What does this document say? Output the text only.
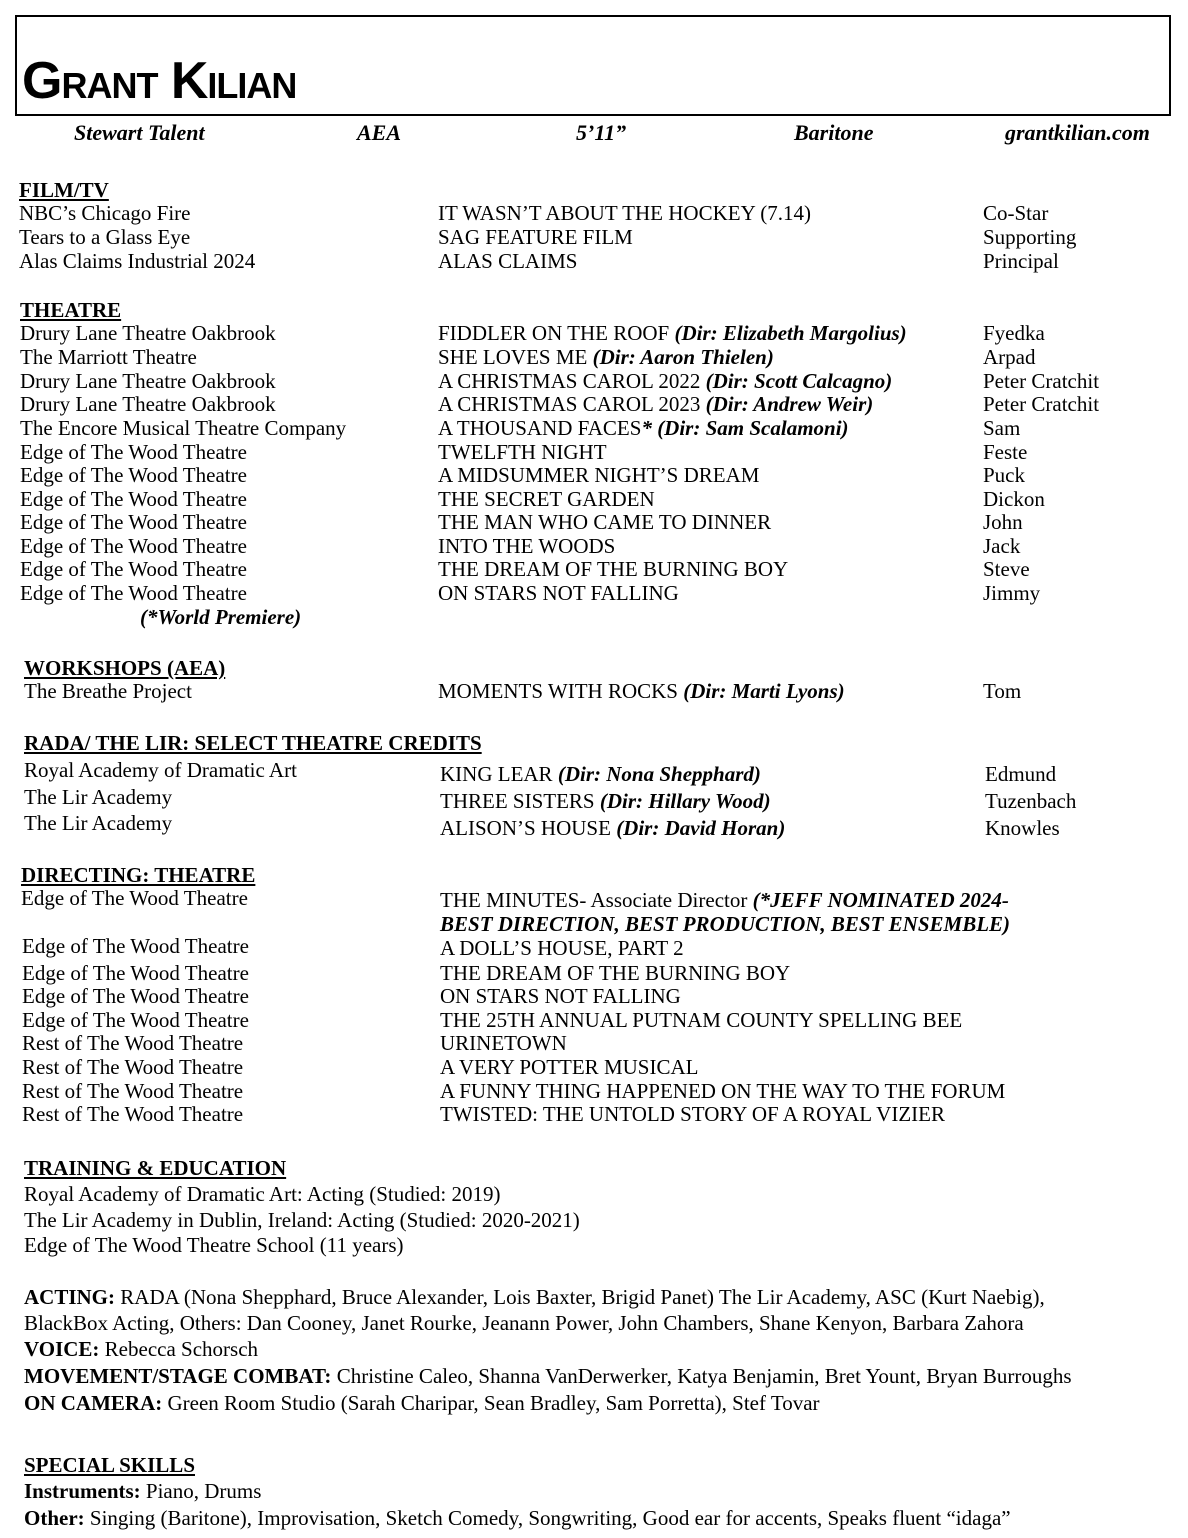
Grant Kilian
Stewart Talent	AEA	5’11”	Baritone	grantkilian.com
FILM/TV
NBC’s Chicago Fire	IT WASN’T ABOUT THE HOCKEY (7.14)	Co-Star
Tears to a Glass Eye	SAG FEATURE FILM	Supporting
Alas Claims Industrial 2024	ALAS CLAIMS	Principal
THEATRE
Drury Lane Theatre Oakbrook	FIDDLER ON THE ROOF (Dir: Elizabeth Margolius)	Fyedka
The Marriott Theatre	SHE LOVES ME (Dir: Aaron Thielen)	Arpad
Drury Lane Theatre Oakbrook	A CHRISTMAS CAROL 2022 (Dir: Scott Calcagno)	Peter Cratchit
Drury Lane Theatre Oakbrook	A CHRISTMAS CAROL 2023 (Dir: Andrew Weir)	Peter Cratchit
The Encore Musical Theatre Company	A THOUSAND FACES* (Dir: Sam Scalamoni)	Sam
Edge of The Wood Theatre	TWELFTH NIGHT	Feste
Edge of The Wood Theatre	A MIDSUMMER NIGHT’S DREAM	Puck
Edge of The Wood Theatre	THE SECRET GARDEN	Dickon
Edge of The Wood Theatre	THE MAN WHO CAME TO DINNER	John
Edge of The Wood Theatre	INTO THE WOODS	Jack
Edge of The Wood Theatre	THE DREAM OF THE BURNING BOY	Steve
Edge of The Wood Theatre	ON STARS NOT FALLING	Jimmy
(*World Premiere)
WORKSHOPS (AEA)
The Breathe Project	MOMENTS WITH ROCKS (Dir: Marti Lyons)	Tom
RADA/ THE LIR: SELECT THEATRE CREDITS
Royal Academy of Dramatic Art	KING LEAR (Dir: Nona Shepphard)	Edmund
The Lir Academy	THREE SISTERS (Dir: Hillary Wood)	Tuzenbach
The Lir Academy	ALISON’S HOUSE (Dir: David Horan)	Knowles
DIRECTING: THEATRE
Edge of The Wood Theatre	THE MINUTES- Associate Director (*JEFF NOMINATED 2024-
BEST DIRECTION, BEST PRODUCTION, BEST ENSEMBLE)
Edge of The Wood Theatre	A DOLL’S HOUSE, PART 2
Edge of The Wood Theatre	THE DREAM OF THE BURNING BOY
Edge of The Wood Theatre	ON STARS NOT FALLING
Edge of The Wood Theatre	THE 25TH ANNUAL PUTNAM COUNTY SPELLING BEE
Rest of The Wood Theatre	URINETOWN
Rest of The Wood Theatre	A VERY POTTER MUSICAL
Rest of The Wood Theatre	A FUNNY THING HAPPENED ON THE WAY TO THE FORUM
Rest of The Wood Theatre	TWISTED: THE UNTOLD STORY OF A ROYAL VIZIER
TRAINING & EDUCATION
Royal Academy of Dramatic Art: Acting (Studied: 2019)
The Lir Academy in Dublin, Ireland: Acting (Studied: 2020-2021)
Edge of The Wood Theatre School (11 years)
ACTING: RADA (Nona Shepphard, Bruce Alexander, Lois Baxter, Brigid Panet) The Lir Academy, ASC (Kurt Naebig),
BlackBox Acting, Others: Dan Cooney, Janet Rourke, Jeanann Power, John Chambers, Shane Kenyon, Barbara Zahora
VOICE: Rebecca Schorsch
MOVEMENT/STAGE COMBAT: Christine Caleo, Shanna VanDerwerker, Katya Benjamin, Bret Yount, Bryan Burroughs
ON CAMERA: Green Room Studio (Sarah Charipar, Sean Bradley, Sam Porretta), Stef Tovar
SPECIAL SKILLS
Instruments: Piano, Drums
Other: Singing (Baritone), Improvisation, Sketch Comedy, Songwriting, Good ear for accents, Speaks fluent “idaga”
